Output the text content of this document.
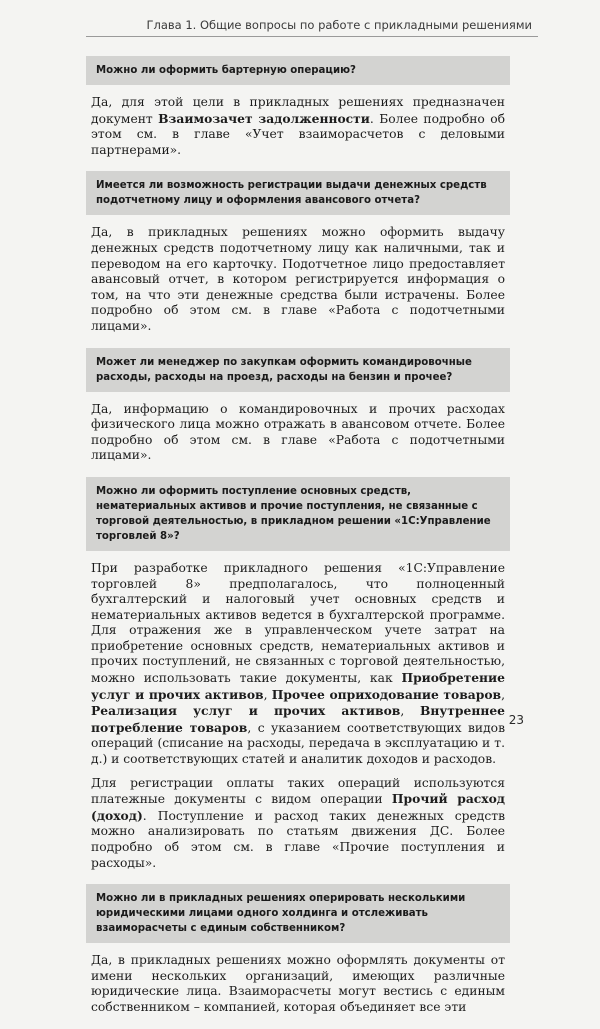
Глава 1. Общие вопросы по работе с прикладными решениями
Можно ли оформить бартерную операцию?
Да, для этой цели в прикладных решениях предназначен документ Взаимозачет задолженности. Более подробно об этом см. в главе «Учет взаиморасчетов с деловыми партнерами».
Имеется ли возможность регистрации выдачи денежных средств подотчетному лицу и оформления авансового отчета?
Да, в прикладных решениях можно оформить выдачу денежных средств подотчетному лицу как наличными, так и переводом на его карточку. Подотчетное лицо предоставляет авансовый отчет, в котором регистрируется информация о том, на что эти денежные средства были истрачены. Более подробно об этом см. в главе «Работа с подотчетными лицами».
Может ли менеджер по закупкам оформить командировочные расходы, расходы на проезд, расходы на бензин и прочее?
Да, информацию о командировочных и прочих расходах физического лица можно отражать в авансовом отчете. Более подробно об этом см. в главе «Работа с подотчетными лицами».
Можно ли оформить поступление основных средств, нематериальных активов и прочие поступления, не связанные с торговой деятельностью, в прикладном решении «1С:Управление торговлей 8»?
При разработке прикладного решения «1С:Управление торговлей 8» предполагалось, что полноценный бухгалтерский и налоговый учет основных средств и нематериальных активов ведется в бухгалтерской программе. Для отражения же в управленческом учете затрат на приобретение основных средств, нематериальных активов и прочих поступлений, не связанных с торговой деятельностью, можно использовать такие документы, как Приобретение услуг и прочих активов, Прочее оприходование товаров, Реализация услуг и прочих активов, Внутреннее потребление товаров, с указанием соответствующих видов операций (списание на расходы, передача в эксплуатацию и т. д.) и соответствующих статей и аналитик доходов и расходов.
Для регистрации оплаты таких операций используются платежные документы с видом операции Прочий расход (доход). Поступление и расход таких денежных средств можно анализировать по статьям движения ДС. Более подробно об этом см. в главе «Прочие поступления и расходы».
Можно ли в прикладных решениях оперировать несколькими юридическими лицами одного холдинга и отслеживать взаиморасчеты с единым собственником?
Да, в прикладных решениях можно оформлять документы от имени нескольких организаций, имеющих различные юридические лица. Взаиморасчеты могут вестись с единым собственником – компанией, которая объединяет все эти
23
